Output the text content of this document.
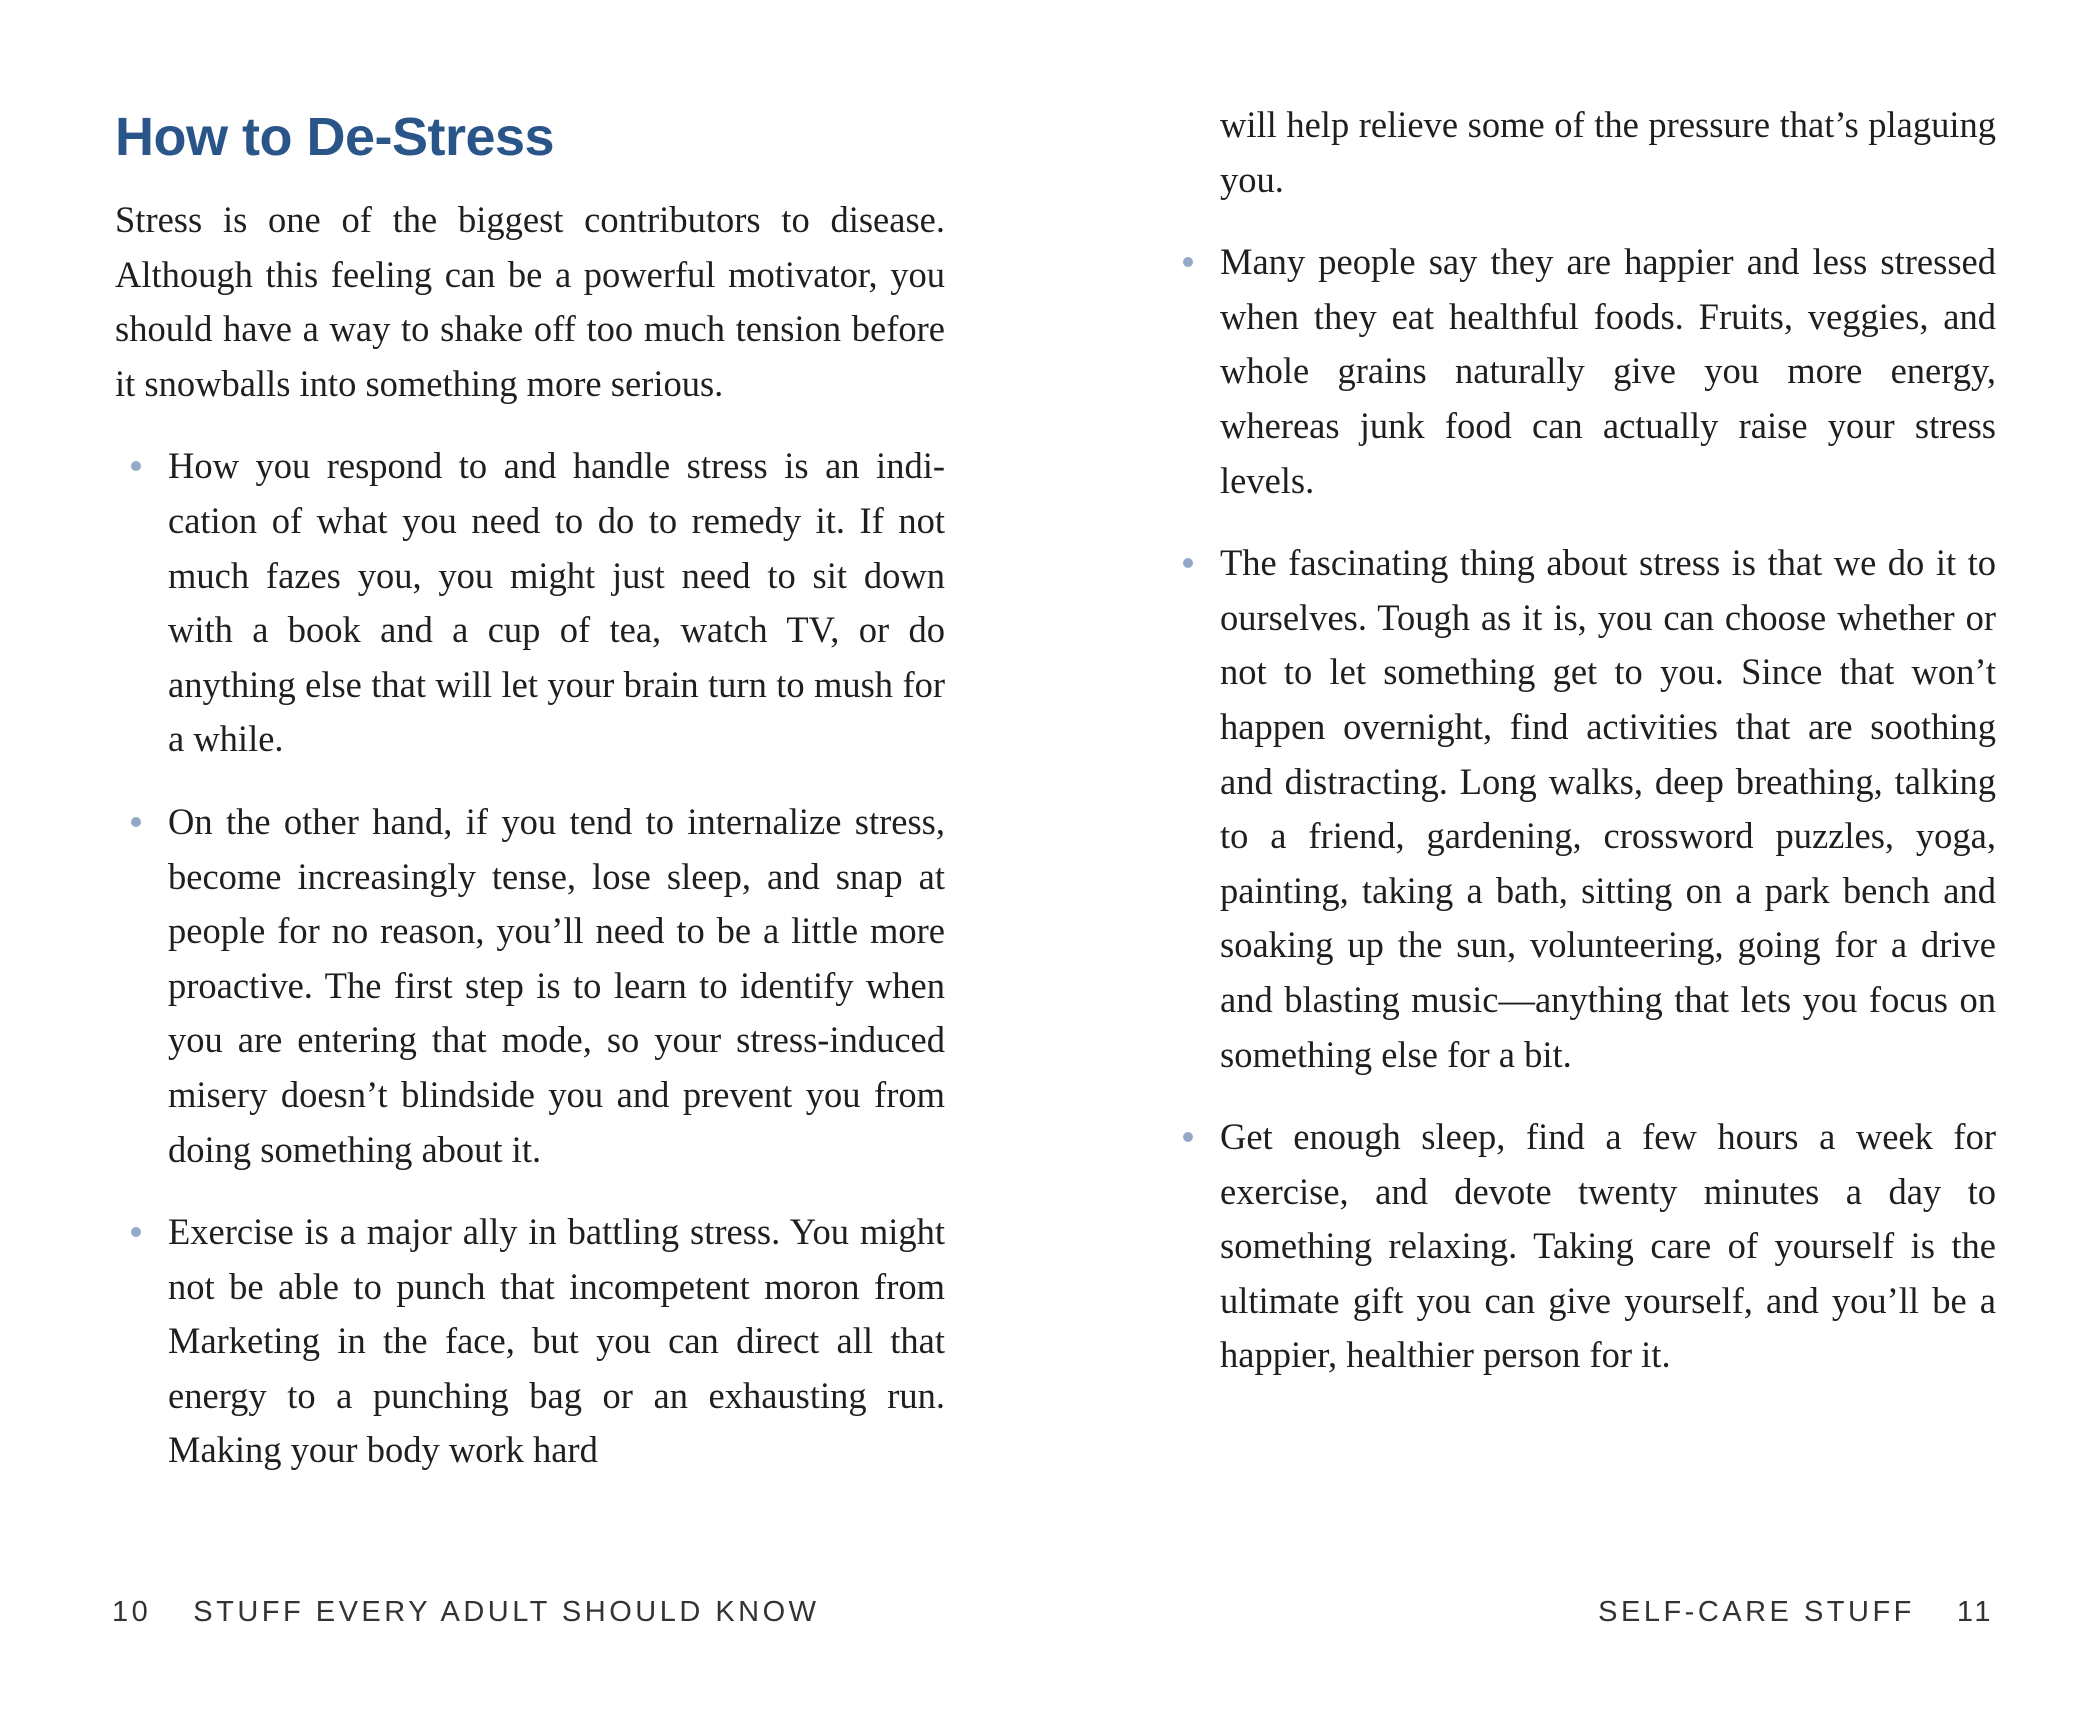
How to De-Stress

Stress is one of the biggest contributors to disease. Although this feeling can be a powerful motivator, you should have a way to shake off too much tension before it snowballs into something more serious.

How you respond to and handle stress is an indication of what you need to do to remedy it. If not much fazes you, you might just need to sit down with a book and a cup of tea, watch TV, or do anything else that will let your brain turn to mush for a while.
On the other hand, if you tend to internalize stress, become increasingly tense, lose sleep, and snap at people for no reason, you’ll need to be a little more proactive. The first step is to learn to identify when you are entering that mode, so your stress-induced misery doesn’t blindside you and prevent you from doing something about it.
Exercise is a major ally in battling stress. You might not be able to punch that incompetent moron from Marketing in the face, but you can direct all that energy to a punching bag or an exhausting run. Making your body work hard
10 STUFF EVERY ADULT SHOULD KNOW

will help relieve some of the pressure that’s plaguing you.

Many people say they are happier and less stressed when they eat healthful foods. Fruits, veggies, and whole grains naturally give you more energy, whereas junk food can actually raise your stress levels.
The fascinating thing about stress is that we do it to ourselves. Tough as it is, you can choose whether or not to let something get to you. Since that won’t happen overnight, find activities that are soothing and distracting. Long walks, deep breathing, talking to a friend, gardening, crossword puzzles, yoga, painting, taking a bath, sitting on a park bench and soaking up the sun, volunteering, going for a drive and blasting music—anything that lets you focus on something else for a bit.
Get enough sleep, find a few hours a week for exercise, and devote twenty minutes a day to something relaxing. Taking care of yourself is the ultimate gift you can give yourself, and you’ll be a happier, healthier person for it.
SELF-CARE STUFF 11
